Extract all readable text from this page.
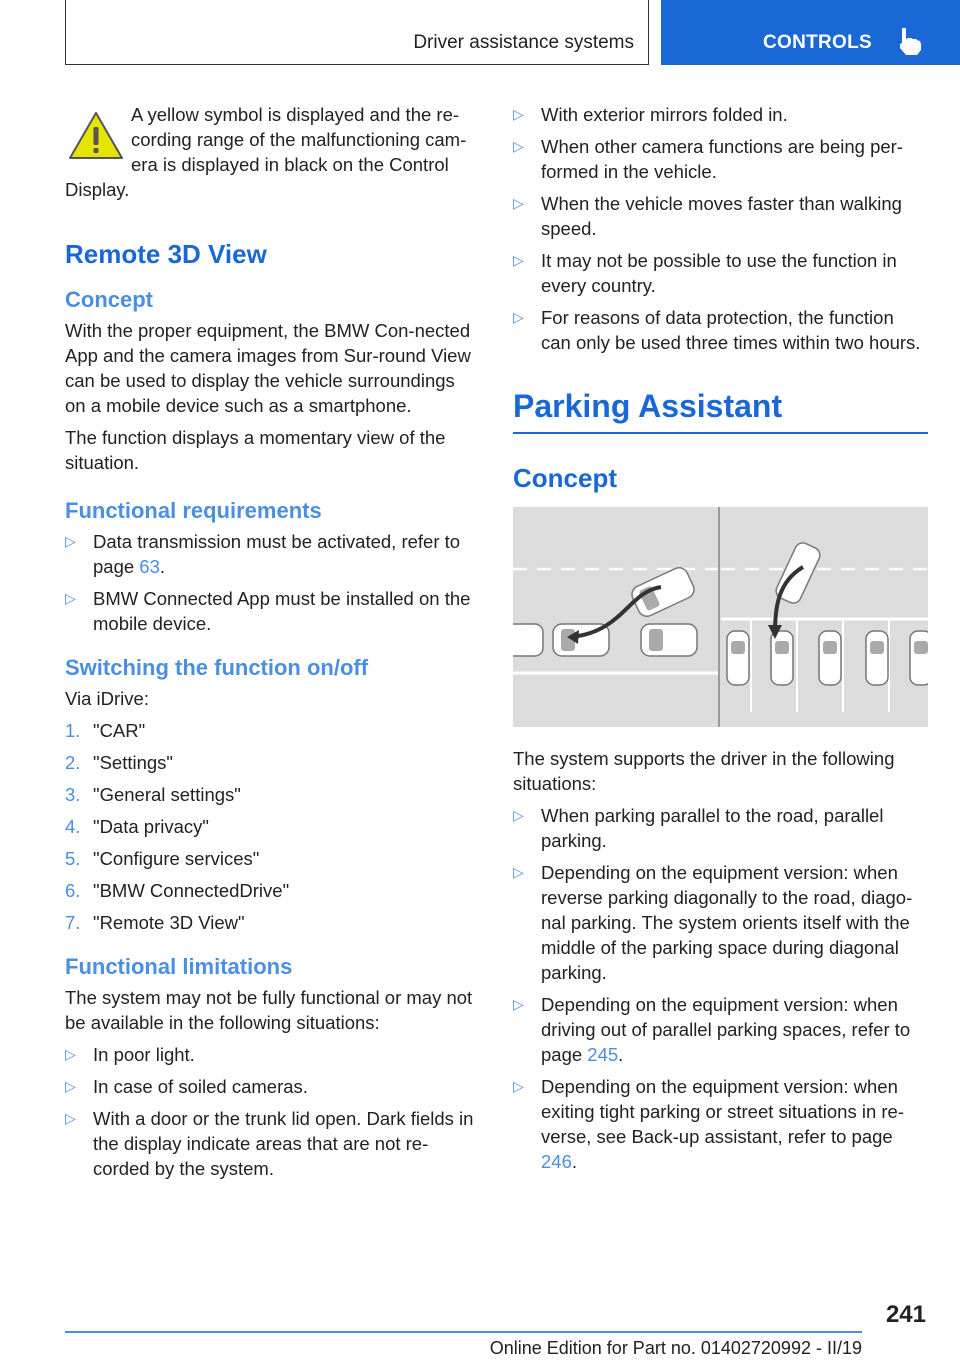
Driver assistance systems	CONTROLS

A yellow symbol is displayed and the re‐cording range of the malfunctioning cam‐era is displayed in black on the Control

Display.

Remote 3D View
Concept

With the proper equipment, the BMW Con‐nected App and the camera images from Sur‐round View can be used to display the vehicle surroundings on a mobile device such as a smartphone.

The function displays a momentary view of the situation.

Functional requirements
▷ Data transmission must be activated, refer to page 63.
▷ BMW Connected App must be installed on the mobile device.
Switching the function on/off

Via iDrive:

1. "CAR"
2. "Settings"
3. "General settings"
4. "Data privacy"
5. "Configure services"
6. "BMW ConnectedDrive"
7. "Remote 3D View"
Functional limitations

The system may not be fully functional or may not be available in the following situations:

▷ In poor light.
▷ In case of soiled cameras.
▷ With a door or the trunk lid open. Dark fields in the display indicate areas that are not re‐corded by the system.
▷ With exterior mirrors folded in.
▷ When other camera functions are being per‐formed in the vehicle.
▷ When the vehicle moves faster than walking speed.
▷ It may not be possible to use the function in every country.
▷ For reasons of data protection, the function can only be used three times within two hours.
Parking Assistant
Concept

The system supports the driver in the following situations:

▷ When parking parallel to the road, parallel parking.
▷ Depending on the equipment version: when reverse parking diagonally to the road, diago‐nal parking. The system orients itself with the middle of the parking space during diagonal parking.
▷ Depending on the equipment version: when driving out of parallel parking spaces, refer to page 245.
▷ Depending on the equipment version: when exiting tight parking or street situations in re‐verse, see Back-up assistant, refer to page 246.
241
Online Edition for Part no. 01402720992 - II/19
